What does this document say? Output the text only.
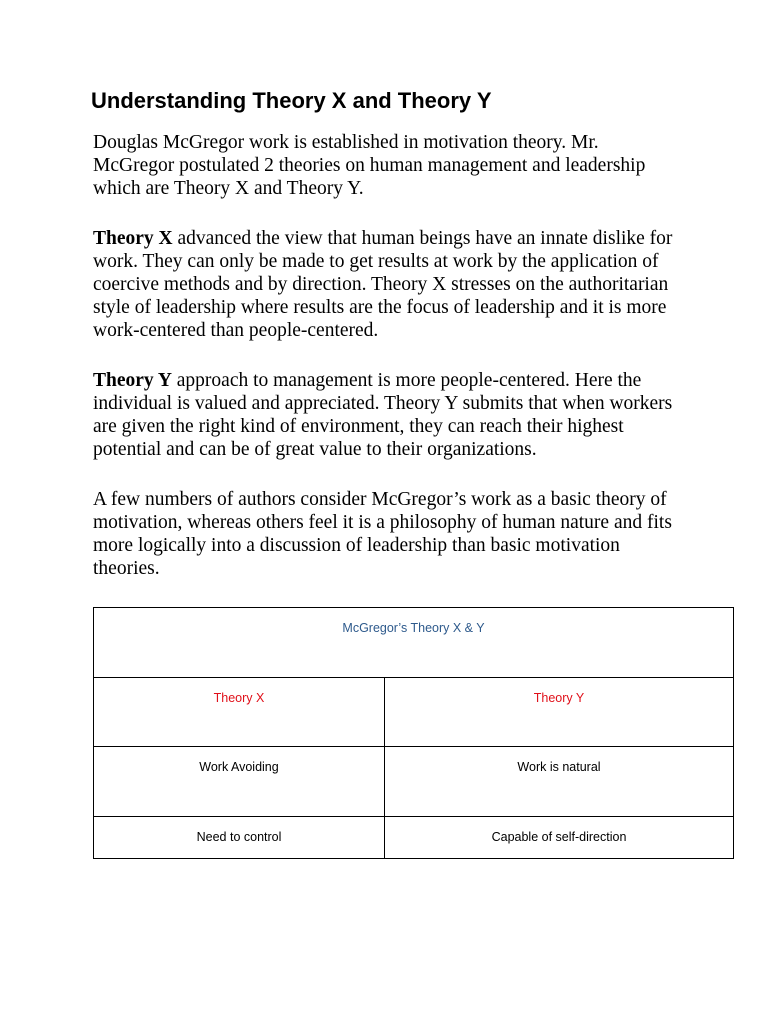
Understanding Theory X and Theory Y

Douglas McGregor work is established in motivation theory. Mr. McGregor postulated 2 theories on human management and leadership which are Theory X and Theory Y.

Theory X advanced the view that human beings have an innate dislike for work. They can only be made to get results at work by the application of coercive methods and by direction. Theory X stresses on the authoritarian style of leadership where results are the focus of leadership and it is more work-centered than people-centered.

Theory Y approach to management is more people-centered. Here the individual is valued and appreciated. Theory Y submits that when workers are given the right kind of environment, they can reach their highest potential and can be of great value to their organizations.

A few numbers of authors consider McGregor’s work as a basic theory of motivation, whereas others feel it is a philosophy of human nature and fits more logically into a discussion of leadership than basic motivation theories.

McGregor’s Theory X & Y	
Theory X	Theory Y
Work Avoiding	Work is natural
Need to control	Capable of self-direction
